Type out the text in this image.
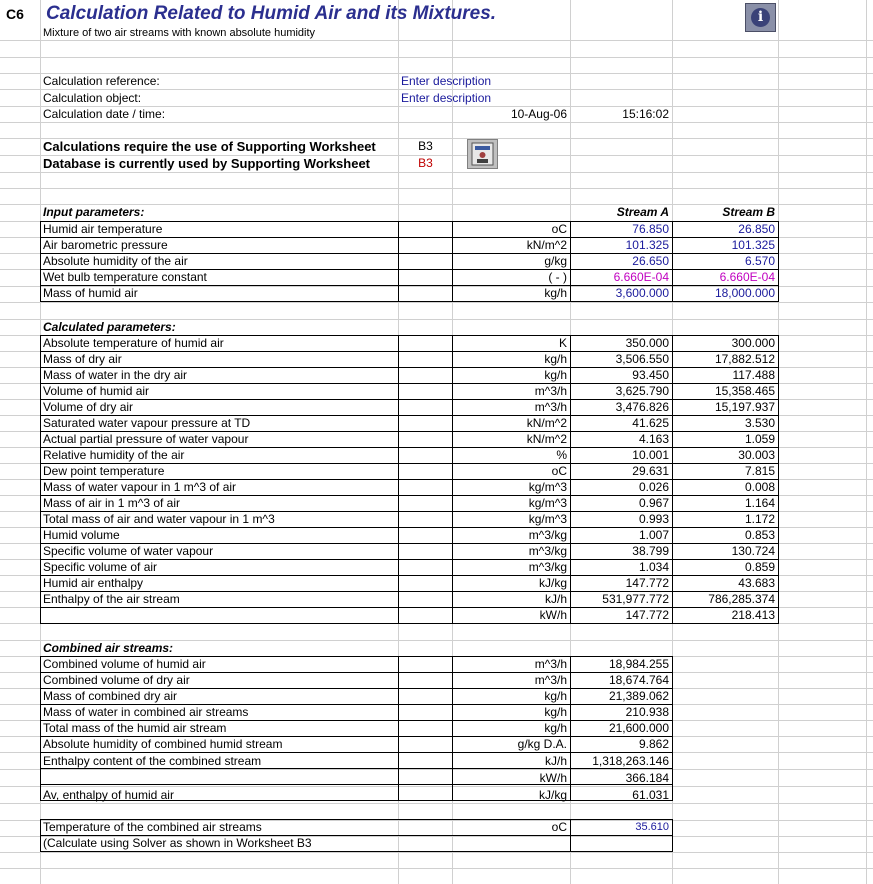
C6 Calculation Related to Humid Air and its Mixtures.
Mixture of two air streams with known absolute humidity
i
Calculation reference:	Enter description
Calculation object:	Enter description
Calculation date / time:	10-Aug-06	15:16:02
Calculations require the use of Supporting Worksheet	B3
Database is currently used by Supporting Worksheet	B3
Input parameters:	Stream A	Stream B
Humid air temperature	oC	76.850	26.850
Air barometric pressure	kN/m^2	101.325	101.325
Absolute humidity of the air	g/kg	26.650	6.570
Wet bulb temperature constant	( - )	6.660E-04	6.660E-04
Mass of humid air	kg/h	3,600.000	18,000.000
Calculated parameters:
Absolute temperature of humid air	K	350.000	300.000
Mass of dry air	kg/h	3,506.550	17,882.512
Mass of water in the dry air	kg/h	93.450	117.488
Volume of humid air	m^3/h	3,625.790	15,358.465
Volume of dry air	m^3/h	3,476.826	15,197.937
Saturated water vapour pressure at TD	kN/m^2	41.625	3.530
Actual partial pressure of water vapour	kN/m^2	4.163	1.059
Relative humidity of the air	%	10.001	30.003
Dew point temperature	oC	29.631	7.815
Mass of water vapour in 1 m^3 of air	kg/m^3	0.026	0.008
Mass of air in 1 m^3 of air	kg/m^3	0.967	1.164
Total mass of air and water vapour in 1 m^3	kg/m^3	0.993	1.172
Humid volume	m^3/kg	1.007	0.853
Specific volume of water vapour	m^3/kg	38.799	130.724
Specific volume of air	m^3/kg	1.034	0.859
Humid air enthalpy	kJ/kg	147.772	43.683
Enthalpy of the air stream	kJ/h	531,977.772	786,285.374
kW/h	147.772	218.413
Combined air streams:
Combined volume of humid air	m^3/h	18,984.255
Combined volume of dry air	m^3/h	18,674.764
Mass of combined dry air	kg/h	21,389.062
Mass of water in combined air streams	kg/h	210.938
Total mass of the humid air stream	kg/h	21,600.000
Absolute humidity of combined humid stream	g/kg D.A.	9.862
Enthalpy content of the combined stream	kJ/h	1,318,263.146
kW/h	366.184
Av, enthalpy of humid air	kJ/kg	61.031
Temperature of the combined air streams	oC	35.610
(Calculate using Solver as shown in Worksheet B3
